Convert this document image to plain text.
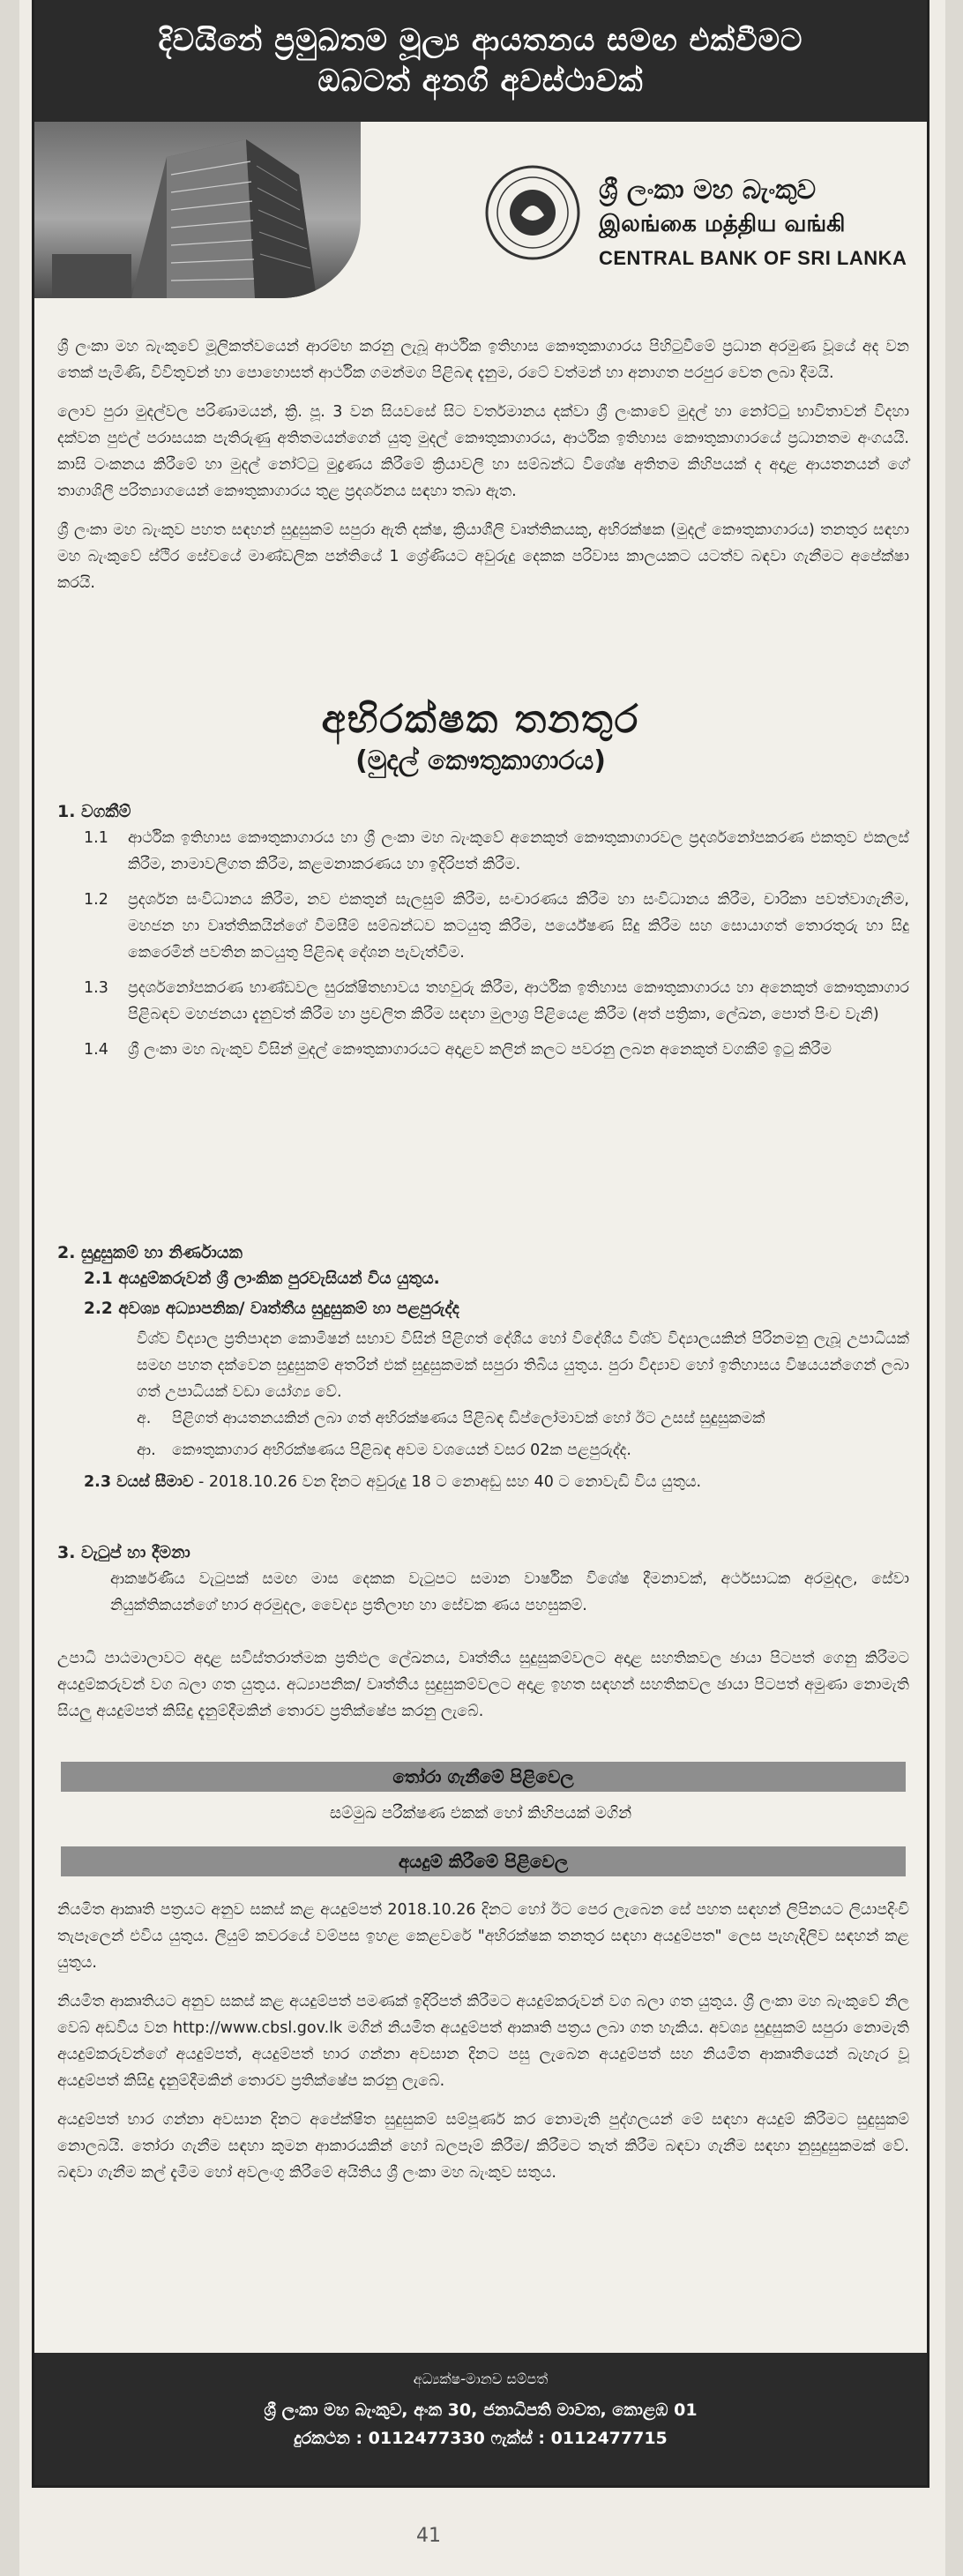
දිවයිනේ ප්‍රමුඛතම මූල්‍ය ආයතනය සමඟ එක්වීමට
ඔබටත් අනගි අවස්ථාවක්
ශ්‍රී ලංකා මහ බැංකුව
இலங்கை மத்திய வங்கி
CENTRAL BANK OF SRI LANKA

ශ්‍රී ලංකා මහ බැංකුවේ මූලිකත්වයෙන් ආරම්භ කරනු ලැබූ ආර්ථික ඉතිහාස කෞතුකාගාරය පිහිටුවීමේ ප්‍රධාන අරමුණ වූයේ අද වන තෙක් පැමිණි, විවිතුවන් හා පොහොසත් ආර්ථික ගමන්මග පිළිබඳ දැනුම, රටේ වත්මන් හා අනාගත පරපුර වෙත ලබා දීමයි.

ලොව පුරා මුදල්වල පරිණාමයන්, ක්‍රි. පූ. 3 වන සියවසේ සිට වර්තමානය දක්වා ශ්‍රී ලංකාවේ මුදල් හා නෝට්ටු භාවිතාවන් විදහා දක්වන පුළුල් පරාසයක පැතිරුණු අතිතමයන්ගෙන් යුතු මුදල් කෞතුකාගාරය, ආර්ථික ඉතිහාස කෞතුකාගාරයේ ප්‍රධානතම අංගයයි. කාසි ටංකනය කිරීමේ හා මුදල් නෝට්ටු මුද්‍රණය කිරීමේ ක්‍රියාවලි හා සම්බන්ධ විශේෂ අතිතම කිහිපයක් ද අදාළ ආයතනයන් ගේ තාගාශිලී පරිත්‍යාගයෙන් කෞතුකාගාරය තුළ ප්‍රදර්ශනය සඳහා තබා ඇත.

ශ්‍රී ලංකා මහ බැංකුව පහත සඳහන් සුදුසුකම් සපුරා ඇති දක්ෂ, ක්‍රියාශීලි වෘත්තිකයකු, අභිරක්ෂක (මුදල් කෞතුකාගාරය) තනතුර සඳහා මහ බැංකුවේ ස්ථිර සේවයේ මාණ්ඩලික පන්තියේ 1 ශ්‍රේණියට අවුරුදු දෙකක පරිවාස කාලයකට යටත්ව බඳවා ගැනීමට අපේක්ෂා කරයි.

අභිරක්ෂක තනතුර
(මුදල් කෞතුකාගාරය)

1. වගකීම්

1.1	ආර්ථික ඉතිහාස කෞතුකාගාරය හා ශ්‍රී ලංකා මහ බැංකුවේ අනෙකුත් කෞතුකාගාරවල ප්‍රදර්ශනෝපකරණ එකතුව එකලස් කිරීම, නාමාවලිගත කිරීම, කළමනාකරණය හා ඉදිරිපත් කිරීම.
1.2	ප්‍රදර්ශන සංවිධානය කිරීම, නව එකතුන් සැලසුම් කිරීම, සංචාරණය කිරීම හා සංවිධානය කිරීම, චාරිකා පවත්වාගැනීම, මහජන හා වෘත්තිකයින්ගේ විමසීම් සම්බන්ධව කටයුතු කිරීම, පර්යේෂණ සිදු කිරීම සහ සොයාගත් තොරතුරු හා සිදු කෙරෙමින් පවතින කටයුතු පිළිබඳ දේශන පැවැත්වීම.
1.3	ප්‍රදර්ශනෝපකරණ භාණ්ඩවල සුරක්ෂිතභාවය තහවුරු කිරීම, ආර්ථික ඉතිහාස කෞතුකාගාරය හා අනෙකුත් කෞතුකාගාර පිළිබඳව මහජනයා දැනුවත් කිරීම හා ප්‍රචලිත කිරීම සඳහා මුලාශ්‍ර පිළියෙළ කිරීම (අත් පත්‍රිකා, ලේඛන, පොත් පිංච වැනි)
1.4	ශ්‍රී ලංකා මහ බැංකුව විසින් මුදල් කෞතුකාගාරයට අදාළව කලින් කලට පවරනු ලබන අනෙකුත් වගකීම් ඉටු කිරීම

2. සුදුසුකම් හා නිර්ණායක

2.1 අයදුම්කරුවන් ශ්‍රී ලාංකික පුරවැසියන් විය යුතුය.

2.2 අවශ්‍ය අධ්‍යාපනික/ වෘත්තීය සුදුසුකම් හා පළපුරුද්ද

විශ්ව විද්‍යාල ප්‍රතිපාදන කොමිෂන් සභාව විසින් පිළිගත් දේශීය හෝ විදේශීය විශ්ව විද්‍යාලයකින් පිරිනමනු ලැබූ උපාධියක් සමඟ පහත දක්වෙන සුදුසුකම් අතරින් එක් සුදුසුකමක් සපුරා තිබිය යුතුය. පුරා විද්‍යාව හෝ ඉතිහාසය විෂයයන්ගෙන් ලබා ගත් උපාධියක් වඩා යෝග්‍ය වේ.
අ.	පිළිගත් ආයතනයකින් ලබා ගත් අභිරක්ෂණය පිළිබඳ ඩිප්ලෝමාවක් හෝ ඊට උසස් සුදුසුකමක්
ආ.	කෞතුකාගාර අභිරක්ෂණය පිළිබඳ අවම වශයෙන් වසර 02ක පළපුරුද්ද.
2.3 වයස් සීමාව - 2018.10.26 වන දිනට අවුරුදු 18 ට නොඅඩු සහ 40 ට නොවැඩි විය යුතුය.

3. වැටුප් හා දීමනා

ආකර්ෂණීය වැටුපක් සමඟ මාස දෙකක වැටුපට සමාන වාර්ෂික විශේෂ දීමනාවක්, අර්ථසාධක අරමුදල, සේවා නියුක්තිකයන්ගේ භාර අරමුදල, වෛද්‍ය ප්‍රතිලාභ හා සේවක ණය පහසුකම්.
උපාධි පාඨමාලාවට අදාළ සවිස්තරාත්මක ප්‍රතිඵල ලේඛනය, වෘත්තීය සුදුසුකම්වලට අදාළ සහතිකවල ඡායා පිටපත් ගෙනු කිරීමට අයදුම්කරුවන් වග බලා ගත යුතුය. අධ්‍යාපනික/ වෘත්තීය සුදුසුකම්වලට අදාළ ඉහත සඳහන් සහතිකවල ඡායා පිටපත් අමුණා නොමැති සියලු අයදුම්පත් කිසිදු දැනුම්දීමකින් තොරව ප්‍රතික්ෂේප කරනු ලැබේ.
තෝරා ගැනීමේ පිළිවෙල
සම්මුඛ පරීක්ෂණ එකක් හෝ කිහිපයක් මගින්
අයදුම් කිරීමේ පිළිවෙල

නියමිත ආකෘති පත්‍රයට අනුව සකස් කළ අයදුම්පත් 2018.10.26 දිනට හෝ ඊට පෙර ලැබෙන සේ පහත සඳහන් ලිපිනයට ලියාපදිංචි තැපෑලෙන් එවිය යුතුය. ලියුම් කවරයේ වම්පස ඉහළ කෙළවරේ "අභිරක්ෂක තනතුර සඳහා අයදුම්පත" ලෙස පැහැදිලිව සඳහන් කළ යුතුය.

නියමිත ආකෘතියට අනුව සකස් කළ අයදුම්පත් පමණක් ඉදිරිපත් කිරීමට අයදුම්කරුවන් වග බලා ගත යුතුය. ශ්‍රී ලංකා මහ බැංකුවේ නිල වෙබ් අඩවිය වන http://www.cbsl.gov.lk මගින් නියමිත අයදුම්පත් ආකෘති පත්‍රය ලබා ගත හැකිය. අවශ්‍ය සුදුසුකම් සපුරා නොමැති අයදුම්කරුවන්ගේ අයදුම්පත්, අයදුම්පත් භාර ගන්නා අවසාන දිනට පසු ලැබෙන අයදුම්පත් සහ නියමිත ආකෘතියෙන් බැහැර වූ අයදුම්පත් කිසිදු දැනුම්දීමකින් තොරව ප්‍රතික්ෂේප කරනු ලැබේ.

අයදුම්පත් භාර ගන්නා අවසාන දිනට අපේක්ෂිත සුදුසුකම් සම්පූර්ණ කර නොමැති පුද්ගලයන් මේ සඳහා අයදුම් කිරීමට සුදුසුකම් නොලබයි. තෝරා ගැනීම සඳහා කුමන ආකාරයකින් හෝ බලපෑම් කිරීම/ කිරීමට තැත් කිරීම බඳවා ගැනීම සඳහා නුසුදුසුකමක් වේ. බඳවා ගැනීම කල් දැමීම හෝ අවලංගු කිරීමේ අයිතිය ශ්‍රී ලංකා මහ බැංකුව සතුය.

අධ්‍යක්ෂ-මානව සම්පත්
ශ්‍රී ලංකා මහ බැංකුව, අංක 30, ජනාධිපති මාවත, කොළඹ 01
දුරකථන : 0112477330 ෆැක්ස් : 0112477715
41
